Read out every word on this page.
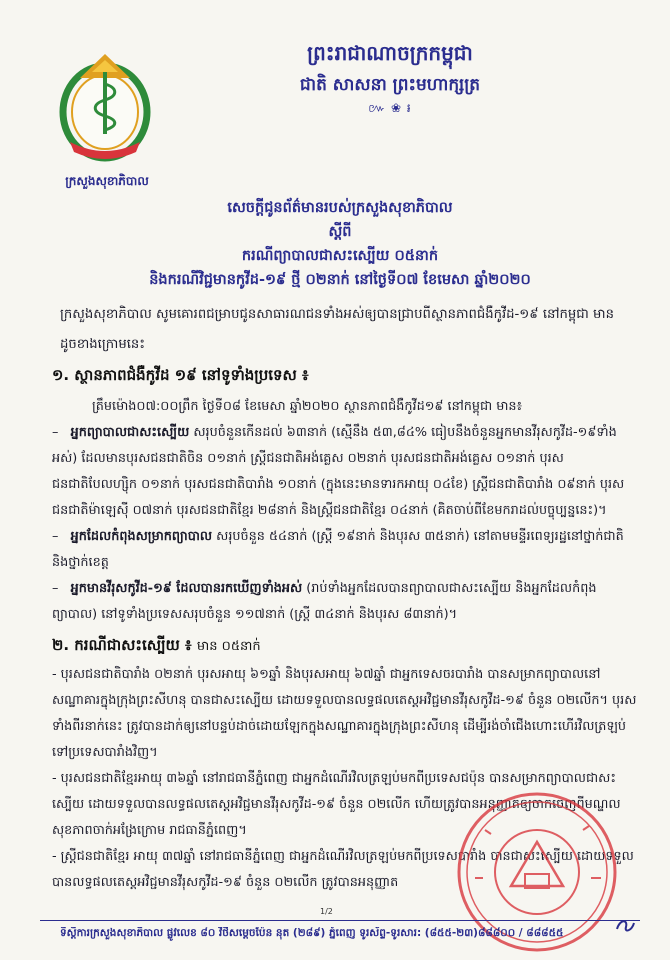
ក្រសួងសុខាភិបាល
ព្រះរាជាណាចក្រកម្ពុជា
ជាតិ សាសនា ព្រះមហាក្សត្រ
៚ ❀ ៛
សេចក្តីជូនព័ត៌មានរបស់ក្រសួងសុខាភិបាល
ស្តីពី
ករណីព្យាបាលជាសះស្បើយ ០៥នាក់
និងករណីវិជ្ជមានកូវីដ-១៩ ថ្មី ០២នាក់ នៅថ្ងៃទី០៧ ខែមេសា ឆ្នាំ២០២០
ក្រសួងសុខាភិបាល សូមគោរពជម្រាបជូនសាធារណជនទាំងអស់ឲ្យបានជ្រាបពីស្ថានភាពជំងឺកូវីដ-១៩ នៅកម្ពុជា មានដូចខាងក្រោមនេះ
១. ស្ថានភាពជំងឺកូវីដ ១៩ នៅទូទាំងប្រទេស ៖
ត្រឹមម៉ោង០៧:០០ព្រឹក ថ្ងៃទី០៨ ខែមេសា ឆ្នាំ២០២០ ស្ថានភាពជំងឺកូវីដ១៩ នៅកម្ពុជា មាន៖
–   អ្នកព្យាបាលជាសះស្បើយ សរុបចំនួនកើនដល់ ៦៣នាក់ (ស្មើនឹង ៥៣,៨៤% ធៀបនឹងចំនួនអ្នកមានវីរុសកូវីដ-១៩ទាំងអស់) ដែលមានបុរសជនជាតិចិន ០១នាក់ ស្ត្រីជនជាតិអង់គ្លេស ០២នាក់ បុរសជនជាតិអង់គ្លេស ០១នាក់ បុរសជនជាតិបែលហ្ស៊ិក ០១នាក់ បុរសជនជាតិបារាំង ១០នាក់ (ក្នុងនេះមានទារកអាយុ ០៤ខែ) ស្ត្រីជនជាតិបារាំង ០៩នាក់ បុរសជនជាតិម៉ាឡេស៊ី ០៧នាក់ បុរសជនជាតិខ្មែរ ២៨នាក់ និងស្ត្រីជនជាតិខ្មែរ ០៤នាក់ (គិតចាប់ពីខែមករាដល់បច្ចុប្បន្ននេះ)។
–   អ្នកដែលកំពុងសម្រាកព្យាបាល សរុបចំនួន ៥៤នាក់ (ស្ត្រី ១៩នាក់ និងបុរស ៣៥នាក់) នៅតាមមន្ទីរពេទ្យរដ្ឋនៅថ្នាក់ជាតិ និងថ្នាក់ខេត្ត
–   អ្នកមានវីរុសកូវីដ-១៩ ដែលបានរកឃើញទាំងអស់ (រាប់ទាំងអ្នកដែលបានព្យាបាលជាសះស្បើយ និងអ្នកដែលកំពុងព្យាបាល) នៅទូទាំងប្រទេសសរុបចំនួន ១១៧នាក់ (ស្ត្រី ៣៤នាក់ និងបុរស ៨៣នាក់)។
២. ករណីជាសះស្បើយ ៖ មាន ០៥នាក់
- បុរសជនជាតិបារាំង ០២នាក់ បុរសអាយុ ៦១ឆ្នាំ និងបុរសអាយុ ៦៧ឆ្នាំ ជាអ្នកទេសចរបារាំង បានសម្រាកព្យាបាលនៅសណ្ឋាគារក្នុងក្រុងព្រះសីហនុ បានជាសះស្បើយ ដោយទទួលបានលទ្ធផលតេស្តអវិជ្ជមានវីរុសកូវីដ-១៩ ចំនួន ០២លើក។ បុរសទាំងពីរនាក់នេះ ត្រូវបានដាក់ឲ្យនៅបន្ទប់ដាច់ដោយឡែកក្នុងសណ្ឋាគារក្នុងក្រុងព្រះសីហនុ ដើម្បីរង់ចាំជើងហោះហើរវិលត្រឡប់ទៅប្រទេសបារាំងវិញ។
- បុរសជនជាតិខ្មែរអាយុ ៣៦ឆ្នាំ នៅរាជធានីភ្នំពេញ ជាអ្នកដំណើរវិលត្រឡប់មកពីប្រទេសជប៉ុន បានសម្រាកព្យាបាលជាសះស្បើយ ដោយទទួលបានលទ្ធផលតេស្តអវិជ្ជមានវីរុសកូវីដ-១៩ ចំនួន ០២លើក ហើយត្រូវបានអនុញ្ញាតឲ្យចាកចេញពីមណ្ឌលសុខភាពចាក់អង្រែក្រោម រាជធានីភ្នំពេញ។
- ស្ត្រីជនជាតិខ្មែរ អាយុ ៣៧ឆ្នាំ នៅរាជធានីភ្នំពេញ ជាអ្នកដំណើរវិលត្រឡប់មកពីប្រទេសបារាំង បានជាសះស្បើយ ដោយទទួលបានលទ្ធផលតេស្តអវិជ្ជមានវីរុសកូវីដ-១៩ ចំនួន ០២លើក ត្រូវបានអនុញ្ញាត
1/2
ទីស្តីការក្រសួងសុខាភិបាល ផ្លូវលេខ ៨០ វិថីសម្ដេចប៉ែន នុត (២៨៩) ភ្នំពេញ ទូរស័ព្ទ-ទូរសារ: (៨៥៥-២៣)៨៨៨០០ / ៨៨៨៥៥
